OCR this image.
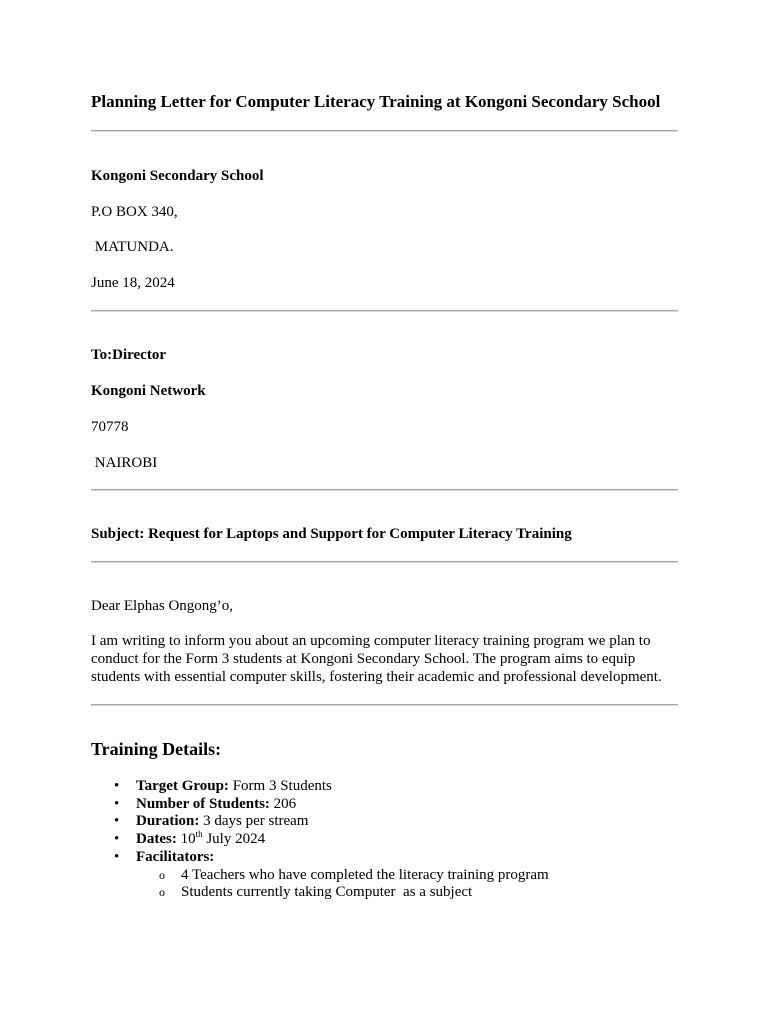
Planning Letter for Computer Literacy Training at Kongoni Secondary School

Kongoni Secondary School

P.O BOX 340,

MATUNDA.

June 18, 2024

To:Director

Kongoni Network

70778

NAIROBI

Subject: Request for Laptops and Support for Computer Literacy Training

Dear Elphas Ongong’o,

I am writing to inform you about an upcoming computer literacy training program we plan to conduct for the Form 3 students at Kongoni Secondary School. The program aims to equip students with essential computer skills, fostering their academic and professional development.

Training Details:
• Target Group: Form 3 Students
• Number of Students: 206
• Duration: 3 days per stream
• Dates: 10th July 2024
• Facilitators:
o 4 Teachers who have completed the literacy training program
o Students currently taking Computer  as a subject
